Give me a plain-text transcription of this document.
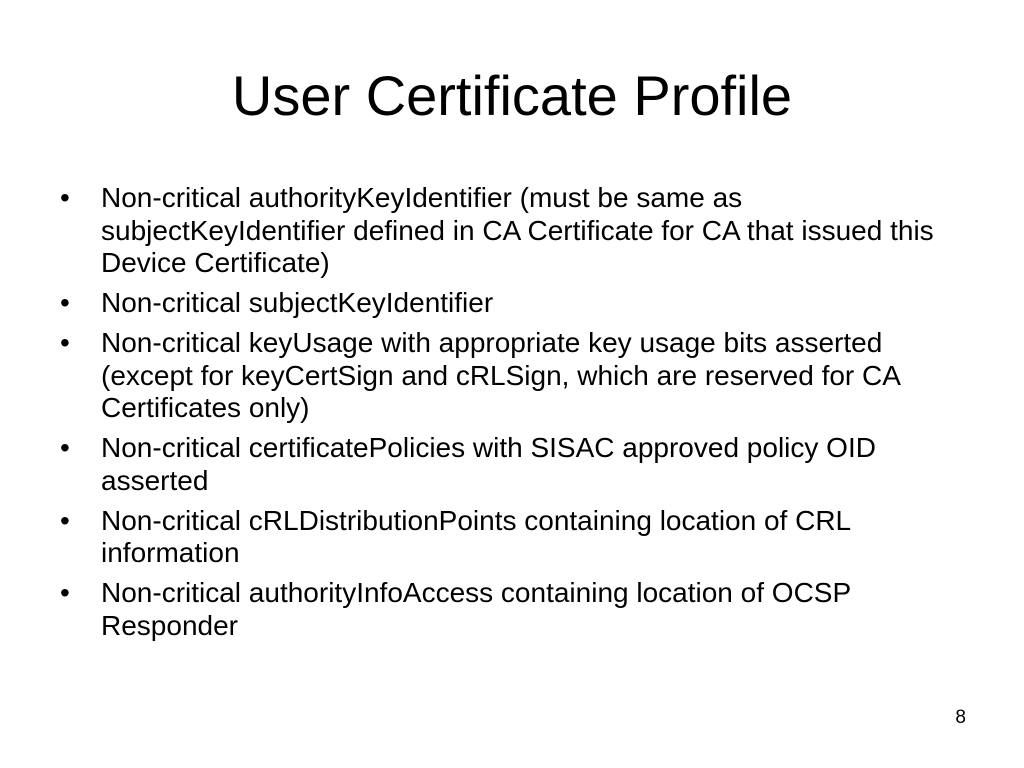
User Certificate Profile
•	Non-critical authorityKeyIdentifier (must be same as subjectKeyIdentifier defined in CA Certificate for CA that issued this Device Certificate)
•	Non-critical subjectKeyIdentifier
•	Non-critical keyUsage with appropriate key usage bits asserted (except for keyCertSign and cRLSign, which are reserved for CA Certificates only)
•	Non-critical certificatePolicies with SISAC approved policy OID asserted
•	Non-critical cRLDistributionPoints containing location of CRL information
•	Non-critical authorityInfoAccess containing location of OCSP Responder
8
